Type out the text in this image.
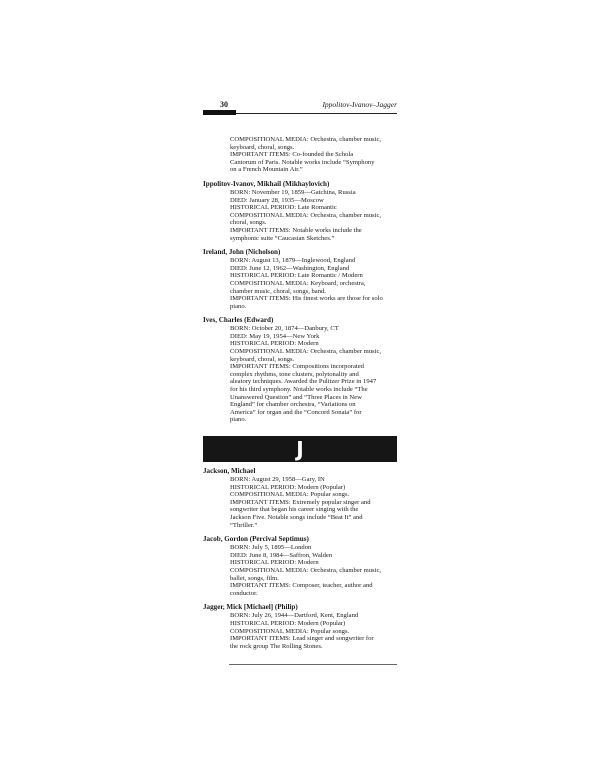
30	Ippolitov-Ivanov–Jagger
COMPOSITIONAL MEDIA: Orchestra, chamber music,
keyboard, choral, songs.
IMPORTANT ITEMS: Co-founded the Schola
Cantorum of Paris. Notable works include “Symphony
on a French Mountain Air.”
Ippolitov-Ivanov, Mikhail (Mikhaylovich)
BORN: November 19, 1859—Gatchina, Russia
DIED: January 28, 1935—Moscow
HISTORICAL PERIOD: Late Romantic
COMPOSITIONAL MEDIA: Orchestra, chamber music,
choral, songs.
IMPORTANT ITEMS: Notable works include the
symphonic suite “Caucasian Sketches.”
Ireland, John (Nicholson)
BORN: August 13, 1879—Inglewood, England
DIED: June 12, 1962—Washington, England
HISTORICAL PERIOD: Late Romantic / Modern
COMPOSITIONAL MEDIA: Keyboard, orchestra,
chamber music, choral, songs, band.
IMPORTANT ITEMS: His finest works are those for solo
piano.
Ives, Charles (Edward)
BORN: October 20, 1874—Danbury, CT
DIED: May 19, 1954—New York
HISTORICAL PERIOD: Modern
COMPOSITIONAL MEDIA: Orchestra, chamber music,
keyboard, choral, songs.
IMPORTANT ITEMS: Compositions incorporated
complex rhythms, tone clusters, polytonality and
aleatory techniques. Awarded the Pulitzer Prize in 1947
for his third symphony. Notable works include “The
Unanswered Question” and “Three Places in New
England” for chamber orchestra, “Variations on
America” for organ and the “Concord Sonata” for
piano.
J
Jackson, Michael
BORN: August 29, 1958—Gary, IN
HISTORICAL PERIOD: Modern (Popular)
COMPOSITIONAL MEDIA: Popular songs.
IMPORTANT ITEMS: Extremely popular singer and
songwriter that began his career singing with the
Jackson Five. Notable songs include “Beat It” and
“Thriller.”
Jacob, Gordon (Percival Septimus)
BORN: July 5, 1895—London
DIED: June 8, 1984—Saffron, Walden
HISTORICAL PERIOD: Modern
COMPOSITIONAL MEDIA: Orchestra, chamber music,
ballet, songs, film.
IMPORTANT ITEMS: Composer, teacher, author and
conductor.
Jagger, Mick [Michael] (Philip)
BORN: July 26, 1944—Dartford, Kent, England
HISTORICAL PERIOD: Modern (Popular)
COMPOSITIONAL MEDIA: Popular songs.
IMPORTANT ITEMS: Lead singer and songwriter for
the rock group The Rolling Stones.
